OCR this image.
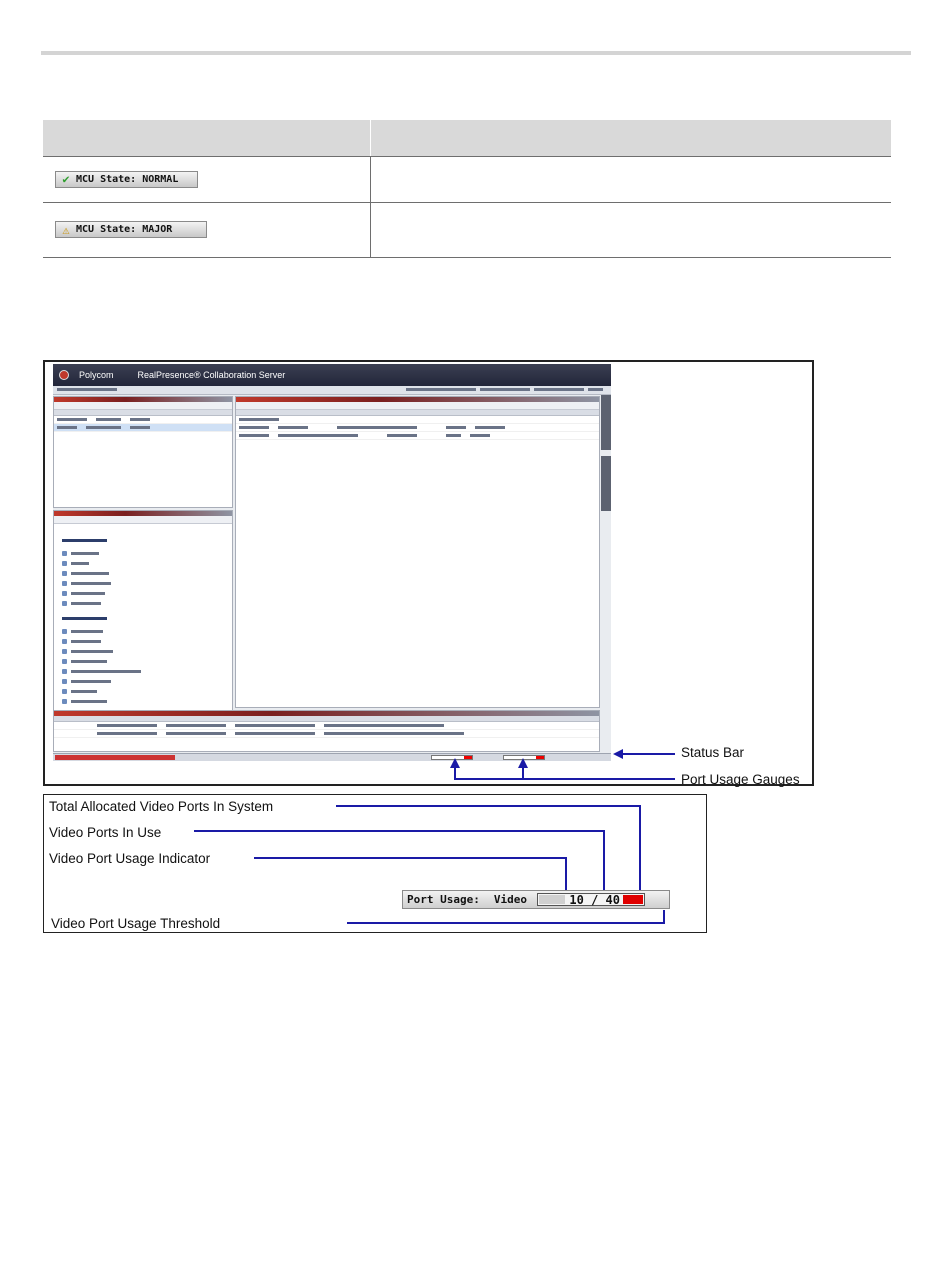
✔ MCU State: NORMAL	

⚠ MCU State: MAJOR	

Polycom	RealPresence® Collaboration Server
Status Bar
Port Usage Gauges
Total Allocated Video Ports In System
Video Ports In Use
Video Port Usage Indicator
Video Port Usage Threshold
Port Usage: Video	10 / 40
